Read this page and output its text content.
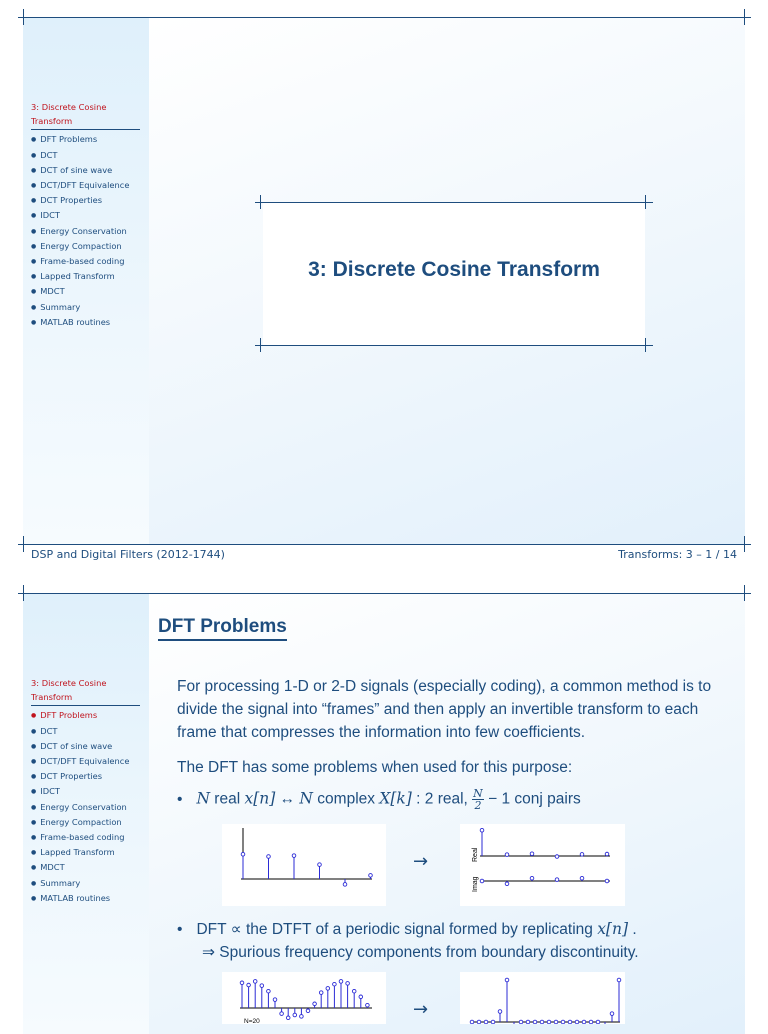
3: Discrete Cosine Transform
● DFT Problems
● DCT
● DCT of sine wave
● DCT/DFT Equivalence
● DCT Properties
● IDCT
● Energy Conservation
● Energy Compaction
● Frame-based coding
● Lapped Transform
● MDCT
● Summary
● MATLAB routines
3: Discrete Cosine Transform
DSP and Digital Filters (2012-1744)	Transforms: 3 – 1 / 14
DFT Problems
3: Discrete Cosine Transform
● DFT Problems
● DCT
● DCT of sine wave
● DCT/DFT Equivalence
● DCT Properties
● IDCT
● Energy Conservation
● Energy Compaction
● Frame-based coding
● Lapped Transform
● MDCT
● Summary
● MATLAB routines
For processing 1-D or 2-D signals (especially coding), a common method is to divide the signal into “frames” and then apply an invertible transform to each frame that compresses the information into few coefficients.
The DFT has some problems when used for this purpose:
• N real x[n] ↔ N complex X[k] : 2 real, $\frac{N}{2} - 1$ conj pairs
→	Real
Imag
• DFT ∝ the DTFT of a periodic signal formed by replicating x[n] .
⇒ Spurious frequency components from boundary discontinuity.
N=20
→
